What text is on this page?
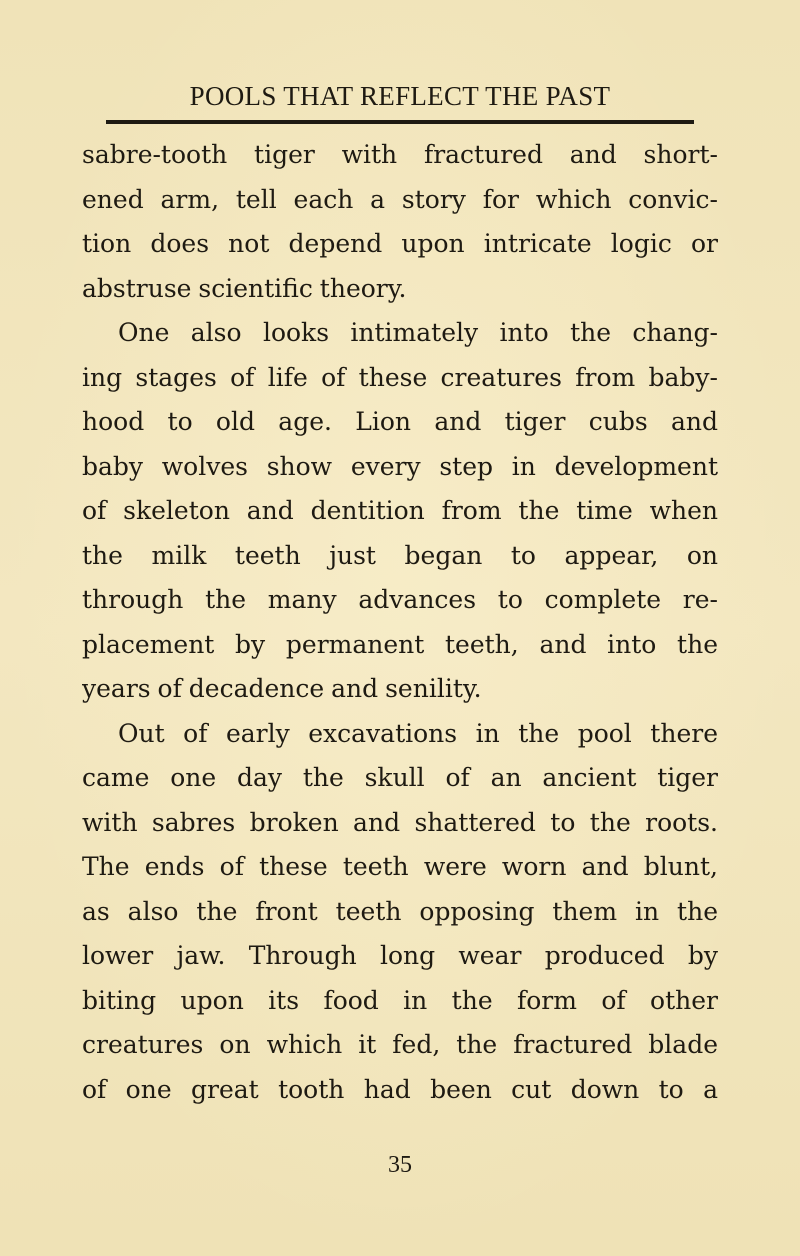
POOLS THAT REFLECT THE PAST
sabre-tooth tiger with fractured and short-
ened arm, tell each a story for which convic-
tion does not depend upon intricate logic or
abstruse scientific theory.
One also looks intimately into the chang-
ing stages of life of these creatures from baby-
hood to old age. Lion and tiger cubs and
baby wolves show every step in development
of skeleton and dentition from the time when
the milk teeth just began to appear, on
through the many advances to complete re-
placement by permanent teeth, and into the
years of decadence and senility.
Out of early excavations in the pool there
came one day the skull of an ancient tiger
with sabres broken and shattered to the roots.
The ends of these teeth were worn and blunt,
as also the front teeth opposing them in the
lower jaw. Through long wear produced by
biting upon its food in the form of other
creatures on which it fed, the fractured blade
of one great tooth had been cut down to a
35
